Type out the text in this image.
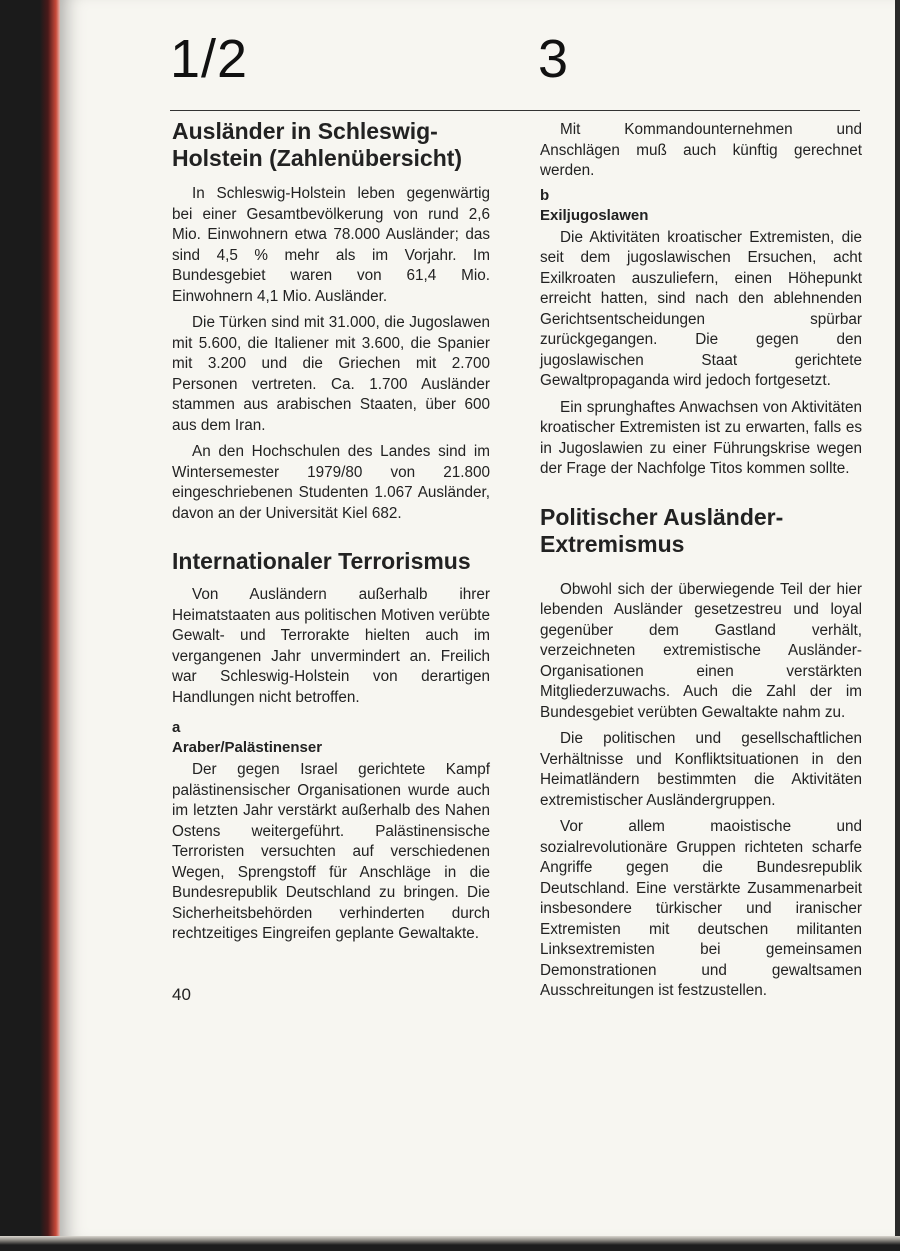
1/2	3
Ausländer in Schleswig-Holstein (Zahlenübersicht)

In Schleswig-Holstein leben gegenwärtig bei einer Gesamtbevölkerung von rund 2,6 Mio. Einwohnern etwa 78.000 Ausländer; das sind 4,5 % mehr als im Vorjahr. Im Bundesgebiet waren von 61,4 Mio. Einwohnern 4,1 Mio. Ausländer.

Die Türken sind mit 31.000, die Jugoslawen mit 5.600, die Italiener mit 3.600, die Spanier mit 3.200 und die Griechen mit 2.700 Personen vertreten. Ca. 1.700 Ausländer stammen aus arabischen Staaten, über 600 aus dem Iran.

An den Hochschulen des Landes sind im Wintersemester 1979/80 von 21.800 eingeschriebenen Studenten 1.067 Ausländer, davon an der Universität Kiel 682.

Internationaler Terrorismus

Von Ausländern außerhalb ihrer Heimatstaaten aus politischen Motiven verübte Gewalt- und Terrorakte hielten auch im vergangenen Jahr unvermindert an. Freilich war Schleswig-Holstein von derartigen Handlungen nicht betroffen.

a
Araber/Palästinenser

Der gegen Israel gerichtete Kampf palästinensischer Organisationen wurde auch im letzten Jahr verstärkt außerhalb des Nahen Ostens weitergeführt. Palästinensische Terroristen versuchten auf verschiedenen Wegen, Sprengstoff für Anschläge in die Bundesrepublik Deutschland zu bringen. Die Sicherheitsbehörden verhinderten durch rechtzeitiges Eingreifen geplante Gewaltakte.

Mit Kommandounternehmen und Anschlägen muß auch künftig gerechnet werden.

b
Exiljugoslawen

Die Aktivitäten kroatischer Extremisten, die seit dem jugoslawischen Ersuchen, acht Exilkroaten auszuliefern, einen Höhepunkt erreicht hatten, sind nach den ablehnenden Gerichtsentscheidungen spürbar zurückgegangen. Die gegen den jugoslawischen Staat gerichtete Gewaltpropaganda wird jedoch fortgesetzt.

Ein sprunghaftes Anwachsen von Aktivitäten kroatischer Extremisten ist zu erwarten, falls es in Jugoslawien zu einer Führungskrise wegen der Frage der Nachfolge Titos kommen sollte.

Politischer Ausländer-Extremismus

Obwohl sich der überwiegende Teil der hier lebenden Ausländer gesetzestreu und loyal gegenüber dem Gastland verhält, verzeichneten extremistische Ausländer-Organisationen einen verstärkten Mitgliederzuwachs. Auch die Zahl der im Bundesgebiet verübten Gewaltakte nahm zu.

Die politischen und gesellschaftlichen Verhältnisse und Konfliktsituationen in den Heimatländern bestimmten die Aktivitäten extremistischer Ausländergruppen.

Vor allem maoistische und sozialrevolutionäre Gruppen richteten scharfe Angriffe gegen die Bundesrepublik Deutschland. Eine verstärkte Zusammenarbeit insbesondere türkischer und iranischer Extremisten mit deutschen militanten Linksextremisten bei gemeinsamen Demonstrationen und gewaltsamen Ausschreitungen ist festzustellen.

40
